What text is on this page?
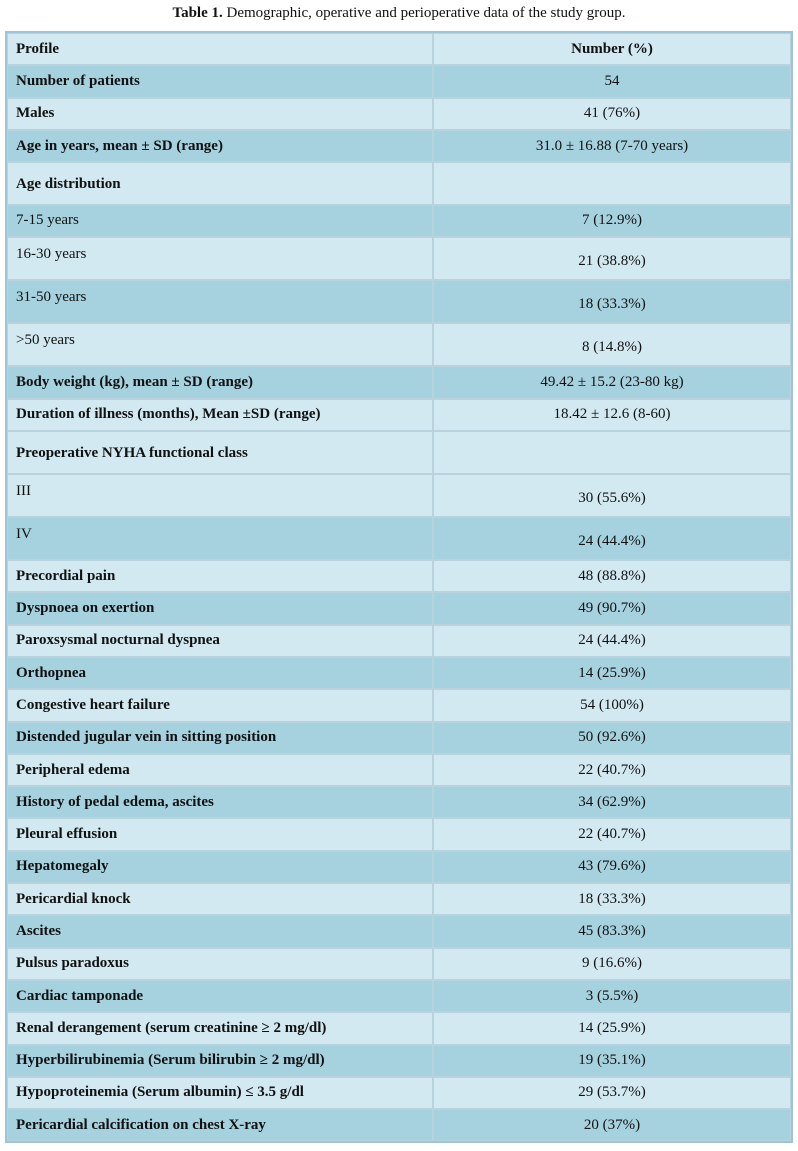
Table 1. Demographic, operative and perioperative data of the study group.
Profile	Number (%)
Number of patients	54
Males	41 (76%)
Age in years, mean ± SD (range)	31.0 ± 16.88 (7-70 years)
Age distribution	
7-15 years	7 (12.9%)
16-30 years	21 (38.8%)
31-50 years	18 (33.3%)
>50 years	8 (14.8%)
Body weight (kg), mean ± SD (range)	49.42 ± 15.2 (23-80 kg)
Duration of illness (months), Mean ±SD (range)	18.42 ± 12.6 (8-60)
Preoperative NYHA functional class	
III	30 (55.6%)
IV	24 (44.4%)
Precordial pain	48 (88.8%)
Dyspnoea on exertion	49 (90.7%)
Paroxsysmal nocturnal dyspnea	24 (44.4%)
Orthopnea	14 (25.9%)
Congestive heart failure	54 (100%)
Distended jugular vein in sitting position	50 (92.6%)
Peripheral edema	22 (40.7%)
History of pedal edema, ascites	34 (62.9%)
Pleural effusion	22 (40.7%)
Hepatomegaly	43 (79.6%)
Pericardial knock	18 (33.3%)
Ascites	45 (83.3%)
Pulsus paradoxus	9 (16.6%)
Cardiac tamponade	3 (5.5%)
Renal derangement (serum creatinine ≥ 2 mg/dl)	14 (25.9%)
Hyperbilirubinemia (Serum bilirubin ≥ 2 mg/dl)	19 (35.1%)
Hypoproteinemia (Serum albumin) ≤ 3.5 g/dl	29 (53.7%)
Pericardial calcification on chest X-ray	20 (37%)
